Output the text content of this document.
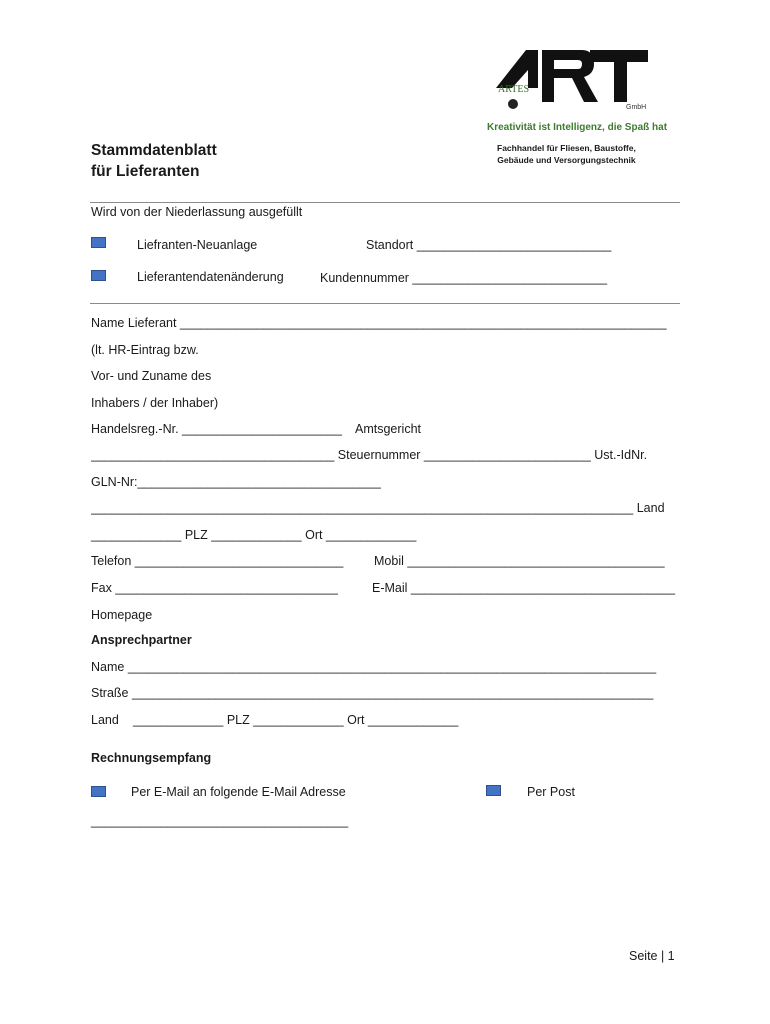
ARTES
GmbH
Kreativität ist Intelligenz, die Spaß hat
Fachhandel für Fliesen, Baustoffe,
Gebäude und Versorgungstechnik
Stammdatenblatt
für Lieferanten
Wird von der Niederlassung ausgefüllt
Liefranten-Neuanlage	Standort ____________________________
Lieferantendatenänderung	Kundennummer ____________________________
Name Lieferant ______________________________________________________________________
(lt. HR-Eintrag bzw.
Vor- und Zuname des
Inhabers / der Inhaber)
Handelsreg.-Nr. _______________________ Amtsgericht
___________________________________ Steuernummer ________________________ Ust.-IdNr.
GLN-Nr:___________________________________
______________________________________________________________________________ Land
_____________ PLZ _____________ Ort _____________
Telefon ______________________________ Mobil _____________________________________
Fax ________________________________	E-Mail ______________________________________
Homepage
Ansprechpartner
Name ____________________________________________________________________________
Straße ___________________________________________________________________________
Land _____________ PLZ _____________ Ort _____________
Rechnungsempfang
Per E-Mail an folgende E-Mail Adresse	Per Post
_____________________________________
Seite | 1
